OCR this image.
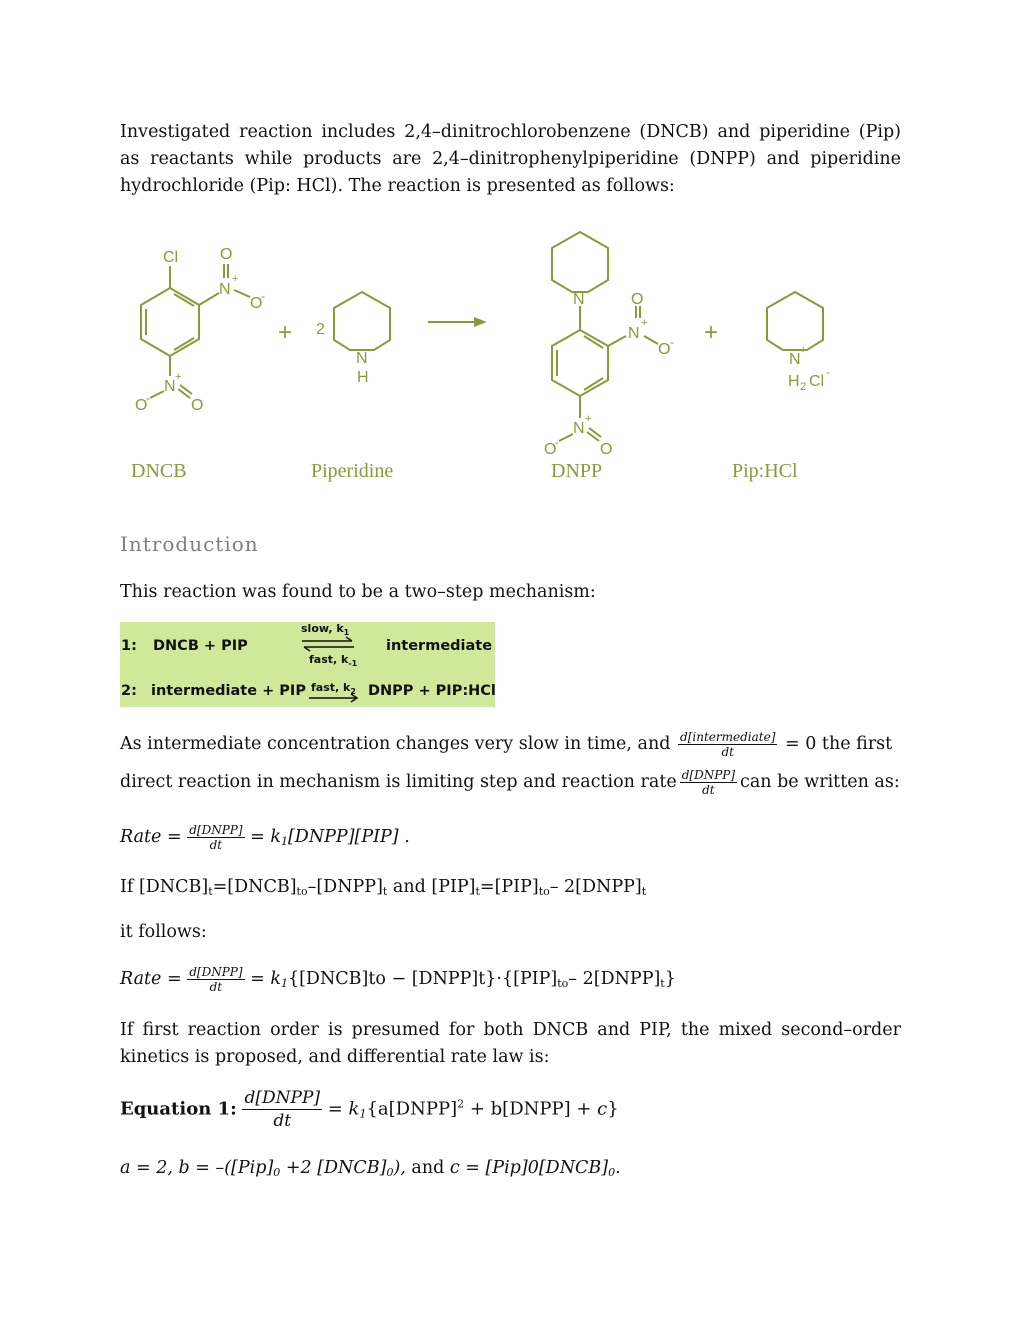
Investigated reaction includes 2,4–dinitrochlorobenzene (DNCB) and piperidine (Pip) as reactants while products are 2,4–dinitrophenylpiperidine (DNPP) and piperidine hydrochloride (Pip: HCl). The reaction is presented as follows:

Cl	O
N
+
O
-
N
+
O
-	O
+ 2
N
H
N	O
N
+
O -
N
+
O
-	O
+
N
+
H 2 Cl
-
DNCB	Piperidine	DNPP	Pip:HCl
Introduction
This reaction was found to be a two–step mechanism:
1: DNCB + PIP
slow, $k_1$
fast, $k_{-1}$
intermediate
2: intermediate + PIP fast, $k_2$ DNPP + PIP:HCl
As intermediate concentration changes very slow in time, and $\frac{\text{d[intermediate]}}{dt} = 0$ the first
direct reaction in mechanism is limiting step and reaction rate $\frac{\text{d[DNPP]}}{dt}$ can be written as:
Rate = $\frac{\text{d[DNPP]}}{dt}$ = $k_1[DNPP][PIP]$ .
If $[DNCB]_t=[DNCB]_{to}-[DNPP]_t$ and $[PIP]_t=[PIP]_{to}-$ $2[DNPP]_t$
it follows:
Rate = $\frac{\text{d[DNPP]}}{dt}$ = $k_1\{[DNCB]to$ − $[DNPP]t\}\cdot\{[PIP]_{to}-$ $2[DNPP]_t$}

If first reaction order is presumed for both DNCB and PIP, the mixed second–order kinetics is proposed, and differential rate law is:

Equation 1: $\frac{\text{d[DNPP]}}{dt}$ = $k_1\{a[DNPP]^2$ + b[DNPP] + c}
a = 2, $b = -([Pip]_0 +2$ $[DNCB]_0$), and $c = [Pip]0[DNCB]_0$.
